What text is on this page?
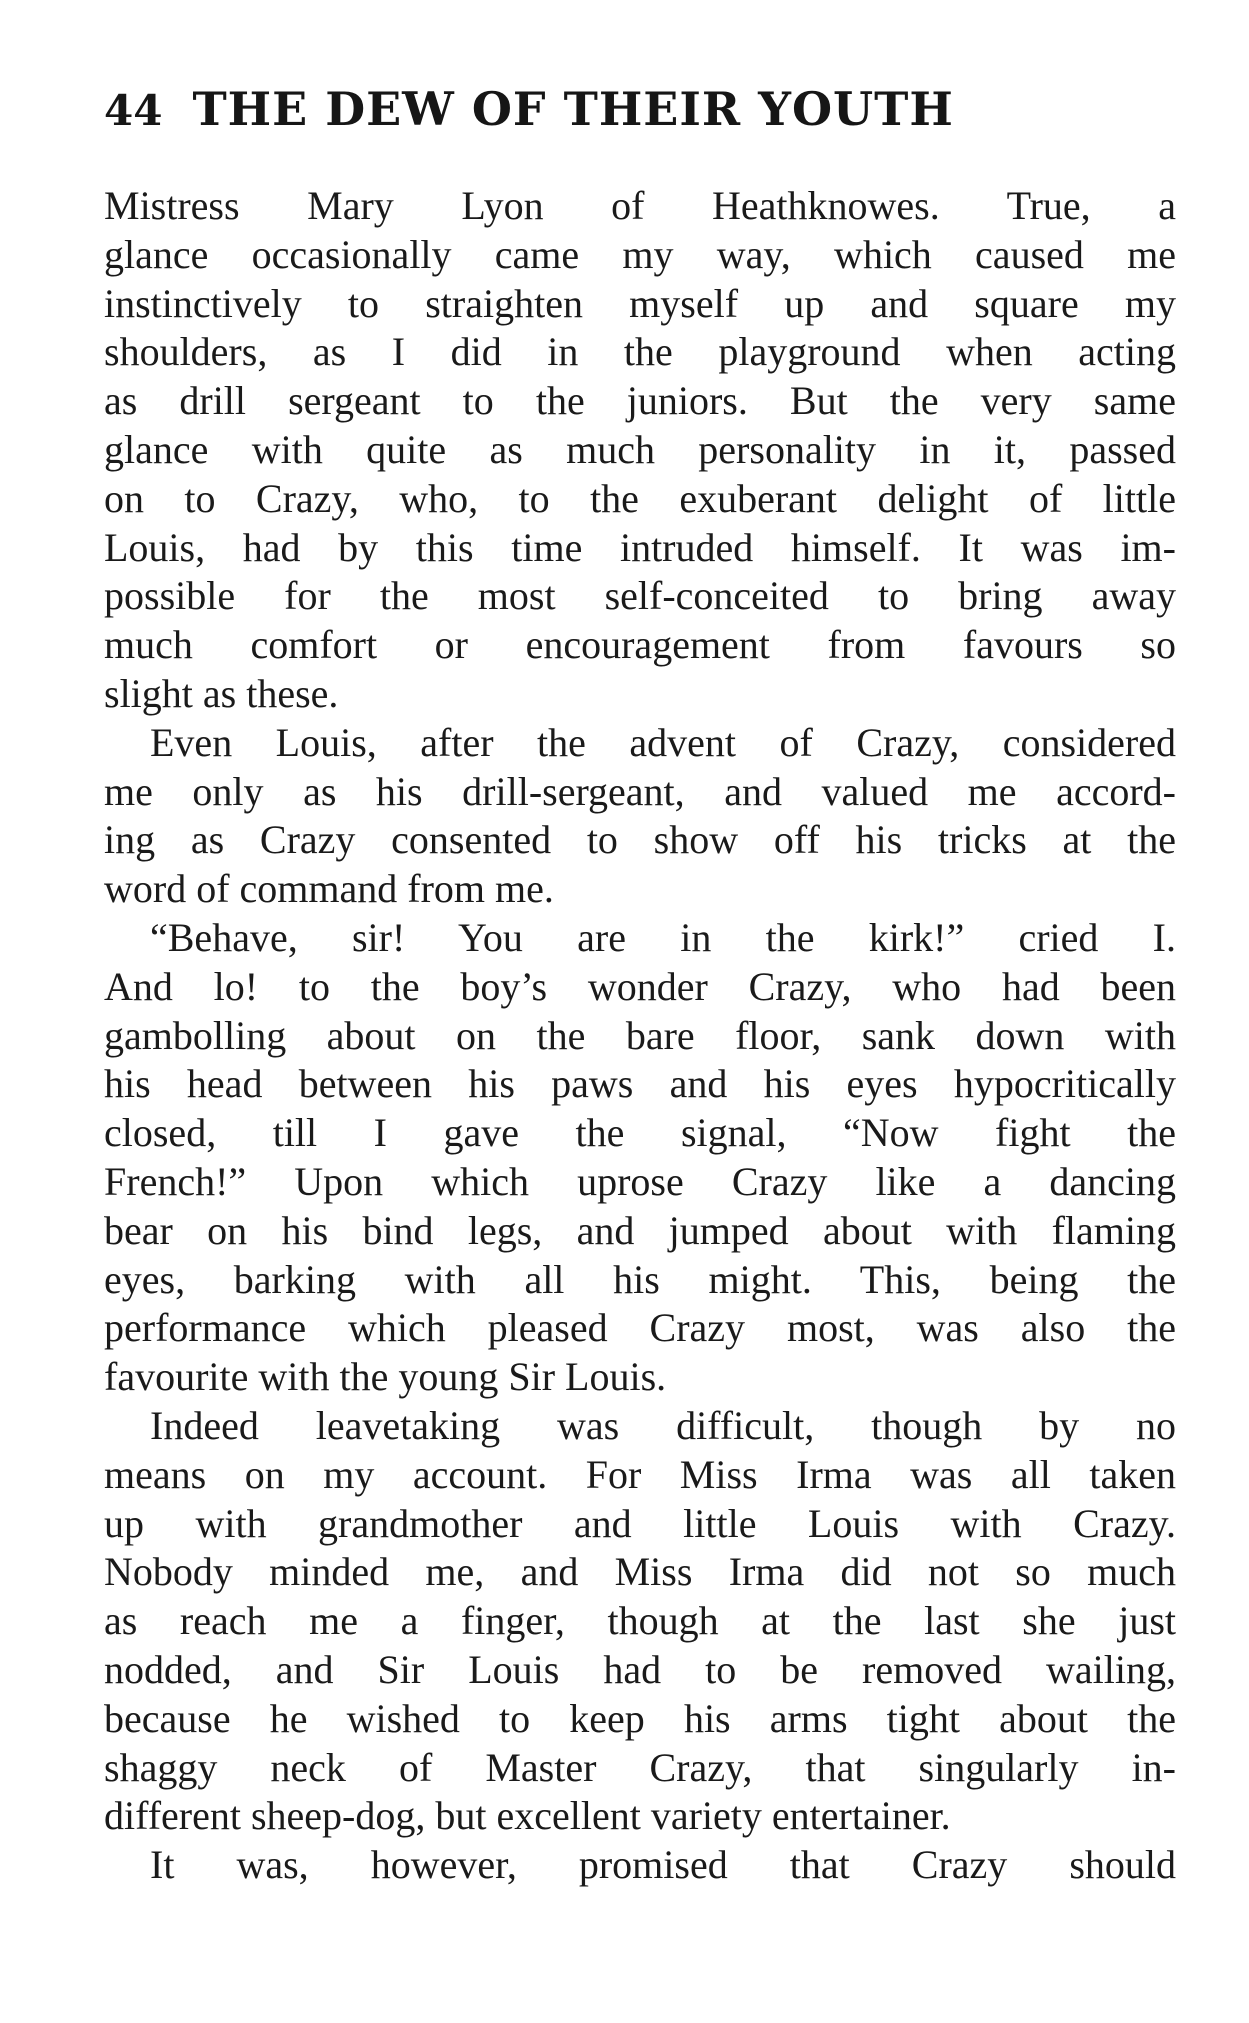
44 THE DEW OF THEIR YOUTH
Mistress Mary Lyon of Heathknowes. True, a
glance occasionally came my way, which caused me
instinctively to straighten myself up and square my
shoulders, as I did in the playground when acting
as drill sergeant to the juniors. But the very same
glance with quite as much personality in it, passed
on to Crazy, who, to the exuberant delight of little
Louis, had by this time intruded himself. It was im-
possible for the most self-conceited to bring away
much comfort or encouragement from favours so
slight as these.
Even Louis, after the advent of Crazy, considered
me only as his drill-sergeant, and valued me accord-
ing as Crazy consented to show off his tricks at the
word of command from me.
“Behave, sir! You are in the kirk!” cried I.
And lo! to the boy’s wonder Crazy, who had been
gambolling about on the bare floor, sank down with
his head between his paws and his eyes hypocritically
closed, till I gave the signal, “Now fight the
French!” Upon which uprose Crazy like a dancing
bear on his bind legs, and jumped about with flaming
eyes, barking with all his might. This, being the
performance which pleased Crazy most, was also the
favourite with the young Sir Louis.
Indeed leavetaking was difficult, though by no
means on my account. For Miss Irma was all taken
up with grandmother and little Louis with Crazy.
Nobody minded me, and Miss Irma did not so much
as reach me a finger, though at the last she just
nodded, and Sir Louis had to be removed wailing,
because he wished to keep his arms tight about the
shaggy neck of Master Crazy, that singularly in-
different sheep-dog, but excellent variety entertainer.
It was, however, promised that Crazy should
